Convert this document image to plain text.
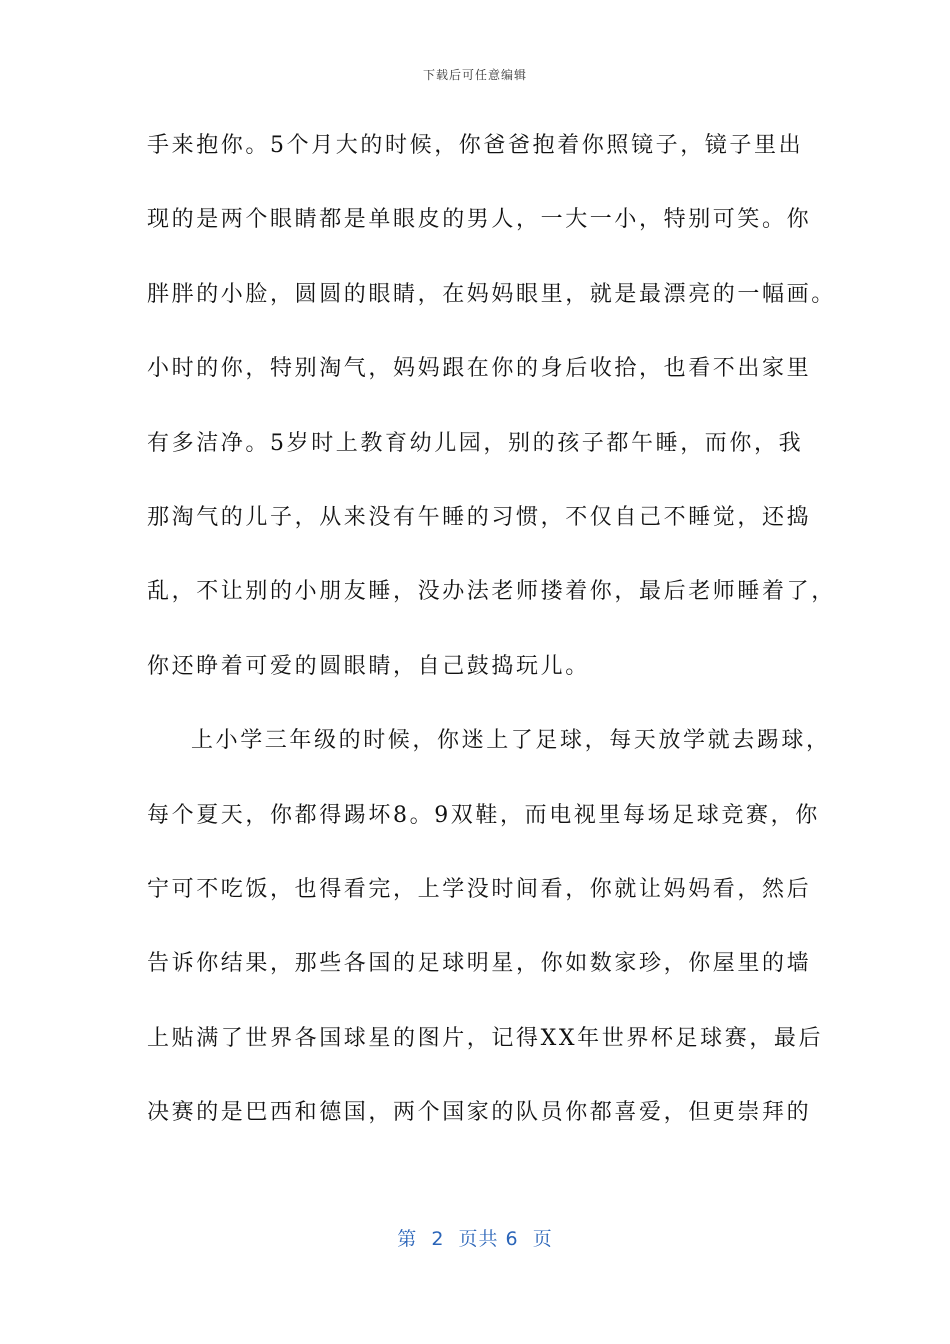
下载后可任意编辑
手来抱你。5个月大的时候，你爸爸抱着你照镜子，镜子里出
现的是两个眼睛都是单眼皮的男人，一大一小，特别可笑。你
胖胖的小脸，圆圆的眼睛，在妈妈眼里，就是最漂亮的一幅画。
小时的你，特别淘气，妈妈跟在你的身后收拾，也看不出家里
有多洁净。5岁时上教育幼儿园，别的孩子都午睡，而你，我
那淘气的儿子，从来没有午睡的习惯，不仅自己不睡觉，还捣
乱，不让别的小朋友睡，没办法老师搂着你，最后老师睡着了，
你还睁着可爱的圆眼睛，自己鼓捣玩儿。
上小学三年级的时候，你迷上了足球，每天放学就去踢球，
每个夏天，你都得踢坏8。9双鞋，而电视里每场足球竞赛，你
宁可不吃饭，也得看完，上学没时间看，你就让妈妈看，然后
告诉你结果，那些各国的足球明星，你如数家珍，你屋里的墙
上贴满了世界各国球星的图片，记得XX年世界杯足球赛，最后
决赛的是巴西和德国，两个国家的队员你都喜爱，但更崇拜的
第  2  页共 6  页
